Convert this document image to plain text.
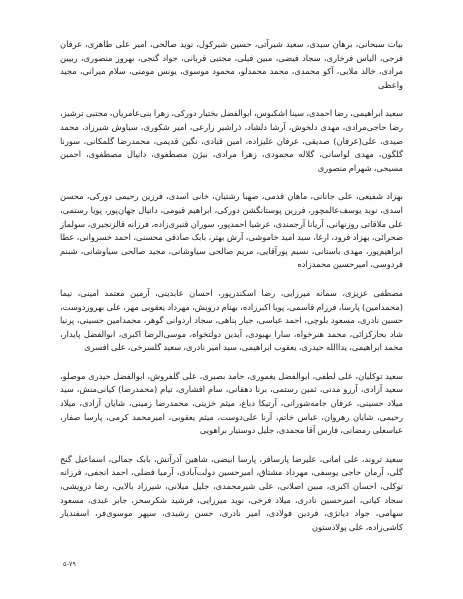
بیات سبحانی، برهان سیدی، سعید شیرآتی، حسین شیرکول، نوید صالحی، امیر علی طاهری، عرفان فرجی، الیاس فرخاری، سجاد فیضی، مبین فیلی، مجتبی قربانی، جواد گنجی، بهروز منصوری، ربیین مرادی، خالد ملایی، آکو محمدی، محمد محمدلو، محمود موسوی، یونس مومنی، سلام میرانی، مجید واعظی

سعید ابراهیمی، رضا احمدی، سینا اشکبوس، ابوالفضل بختیار دورکی، زهرا بنی‌عامریان، مجتبی ترشیز، رضا حاجی‌مرادی، مهدی دلخوش، آرشا دلشاد، ذراشیر زارعی، امیر شکوری، سیاوش شیرزاد، محمد صیدی، علی‌(عرفان) صدیقی، عرفان علیزاده، امین قبادی، نگین قدیمی، محمدرضا گلمکانی، سورنا گلگون، مهدی لواسانی، گلاله محمودی، زهرا مرادی، بیژن مصطفوی، دانیال مصطفوی، احمین مسیحی، شهرام منصوری

بهزاد شفیعی، علی جانانی، ماهان قدمی، صهبا رشتیان، خانی اسدی، فرزین رحیمی دورکی، محسن اسدی، نوید یوسف‌عالمچور، فرزین پوستانگشن دورکی، ابراهیم قیومی، دانیال جهان‌پور، پویا رستمی، علی ملاقاتی روزنهانی، آریانا آرجمندی، عرشیا احمدپور، سوران قنبری‌زاده، فرزانه قالزنجیری، سولماز صحرائی، بهزاد فرود، ارغا، سید امید خاموشی، آرش بهتر، بابک صادقی محسنی، احمد خسروانی، عطا ابراهیم‌پور، مهدی باستانی، نسیم پورآقایی، مریم صالحی سیاوشانی، مجید صالحی سیاوشانی، شبنم فردوسی، امیرحسین محمدزاده

مصطفی عزیزی، سمانه میرزایی، رضا اسکندرپور، احسان عابدینی، آرمین معتمد امینی، نیما (محمدامین) پارسا، فرزام قاسمی، پویا اکبرزاده، بهنام درویش، مهرداد یعقوبی مهر، علی بهروزدوست، حسین نادری، مسعود بلوچی، احمد عباسی، جبار پناهی، سجاد اردوانی گوهر، محمدامین حسینی، پرنیا شاد بحارکزائی، محمد هنرخواه، سارا بهبودی، آیدین دولتخواه، موسی‌الرضا اکبری، ابوالفضل پایدار، محمد ابراهیمی، یداالله حیدری، یعقوب ابراهیمی، سید امیر نادری، سعید گلسرخی، علی افسری

سعید توکلیان، علی لطفی، ابوالفضل یغموری، حامد بصیری، علی گلفروش، ابوالفضل حیدری موصلو، سعید آزادی، آرزو مدنی، ثمین رستمی، برنا دهقانی، سام افشاری، تیام (محمدرضا) کیانی‌منش، سید میلاد حسینی، عرفان جامه‌شورانی، آرتیکا دباغ، میثم خزینی، محمدرضا زمینی، شایان آزادی، میلاد رحیمی، شایان رهروان، عباس خاتم، آرنا علی‌دوست، میثم یعقوبی، امیرمحمد کرمی، پارسا صفار، عباسعلی رمضانی، فارس آقا محمدی، جلیل دوستیار براهویی

سعید تروند، علی امانی، علیرضا پارسافر، پارسا ابیضی، شاهین آذرآتش، بابک جمالی، اسماعیل گنج گلی، آرمان حاجی یوسفی، مهرداد مشتاق، امیرحسین دولت‌آبادی، آرمیا فضلی، احمد انجفی، فرزانه توکلی، احسان اکبری، مبین اصلانی، علی شیرمحمدی، جلیل میلانی، شیرزاد بالایی، رضا درویشی، سجاد کیانی، امیرحسین نادری، میلاد فرخی، نوید میرزایی، فرشید شکرسحر، جابر عبدی، مسعود سهامی، جواد دیانژی، فردین فولادی، امیر نادری، حسن رشیدی، سپهر موسوی‌فر، اسفندیار کاشی‌زاده، علی پولادستون

۵-۷۹
